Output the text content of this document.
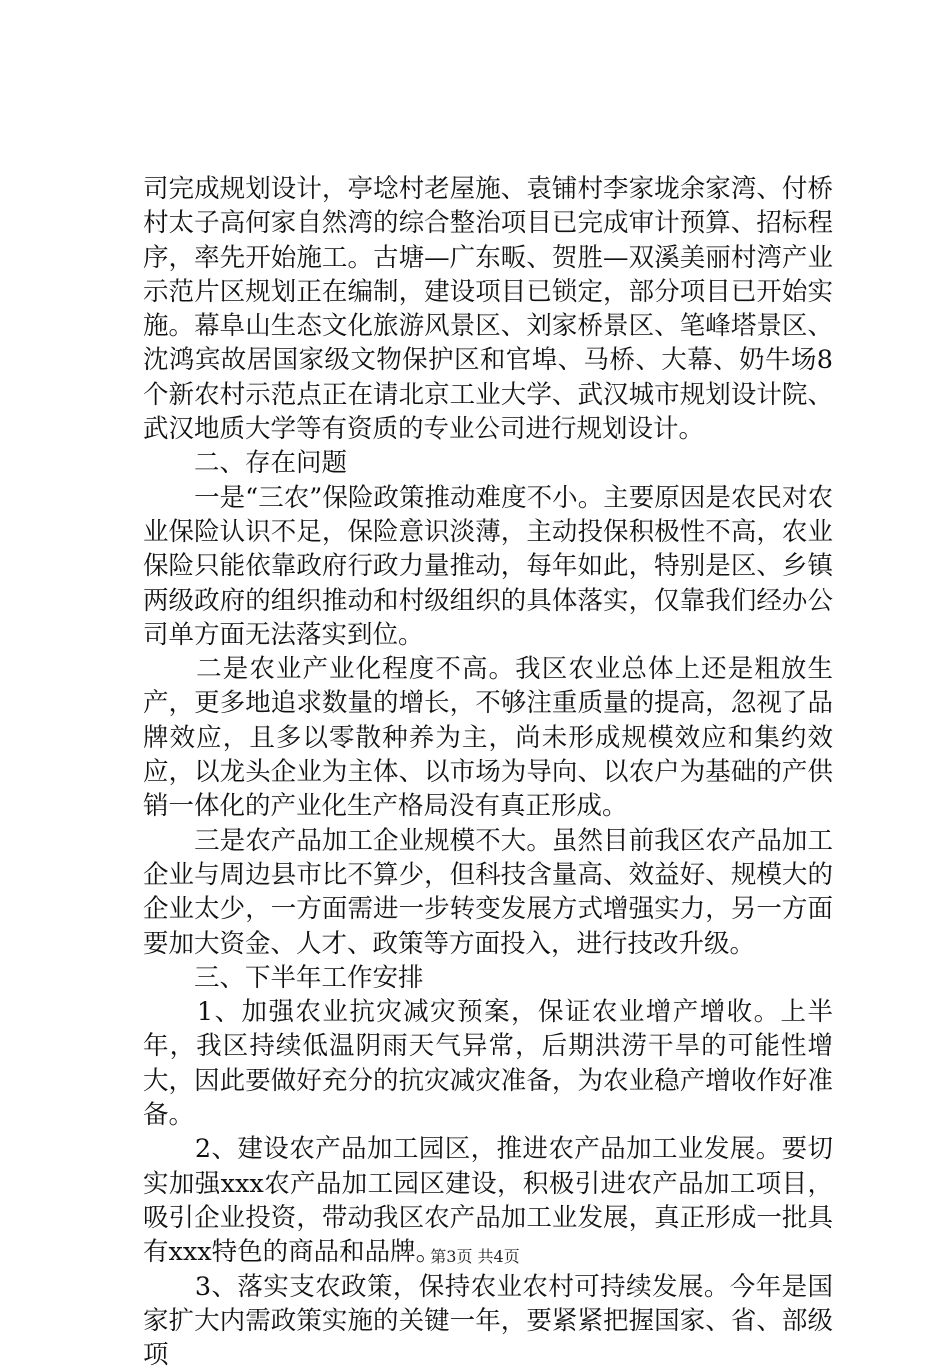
司完成规划设计，亭埝村老屋施、袁铺村李家垅余家湾、付桥村太子高何家自然湾的综合整治项目已完成审计预算、招标程序，率先开始施工。古塘—广东畈、贺胜—双溪美丽村湾产业示范片区规划正在编制，建设项目已锁定，部分项目已开始实施。幕阜山生态文化旅游风景区、刘家桥景区、笔峰塔景区、沈鸿宾故居国家级文物保护区和官埠、马桥、大幕、奶牛场8个新农村示范点正在请北京工业大学、武汉城市规划设计院、武汉地质大学等有资质的专业公司进行规划设计。

　　二、存在问题

　　一是“三农”保险政策推动难度不小。主要原因是农民对农业保险认识不足，保险意识淡薄，主动投保积极性不高，农业保险只能依靠政府行政力量推动，每年如此，特别是区、乡镇两级政府的组织推动和村级组织的具体落实，仅靠我们经办公司单方面无法落实到位。

　　二是农业产业化程度不高。我区农业总体上还是粗放生产，更多地追求数量的增长，不够注重质量的提高，忽视了品牌效应，且多以零散种养为主，尚未形成规模效应和集约效应，以龙头企业为主体、以市场为导向、以农户为基础的产供销一体化的产业化生产格局没有真正形成。

　　三是农产品加工企业规模不大。虽然目前我区农产品加工企业与周边县市比不算少，但科技含量高、效益好、规模大的企业太少，一方面需进一步转变发展方式增强实力，另一方面要加大资金、人才、政策等方面投入，进行技改升级。

　　三、下半年工作安排

　　1、加强农业抗灾减灾预案，保证农业增产增收。上半年，我区持续低温阴雨天气异常，后期洪涝干旱的可能性增大，因此要做好充分的抗灾减灾准备，为农业稳产增收作好准备。

　　2、建设农产品加工园区，推进农产品加工业发展。要切实加强xxx农产品加工园区建设，积极引进农产品加工项目，吸引企业投资，带动我区农产品加工业发展，真正形成一批具有xxx特色的商品和品牌。

　　3、落实支农政策，保持农业农村可持续发展。今年是国家扩大内需政策实施的关键一年，要紧紧把握国家、省、部级项

第3页 共4页
